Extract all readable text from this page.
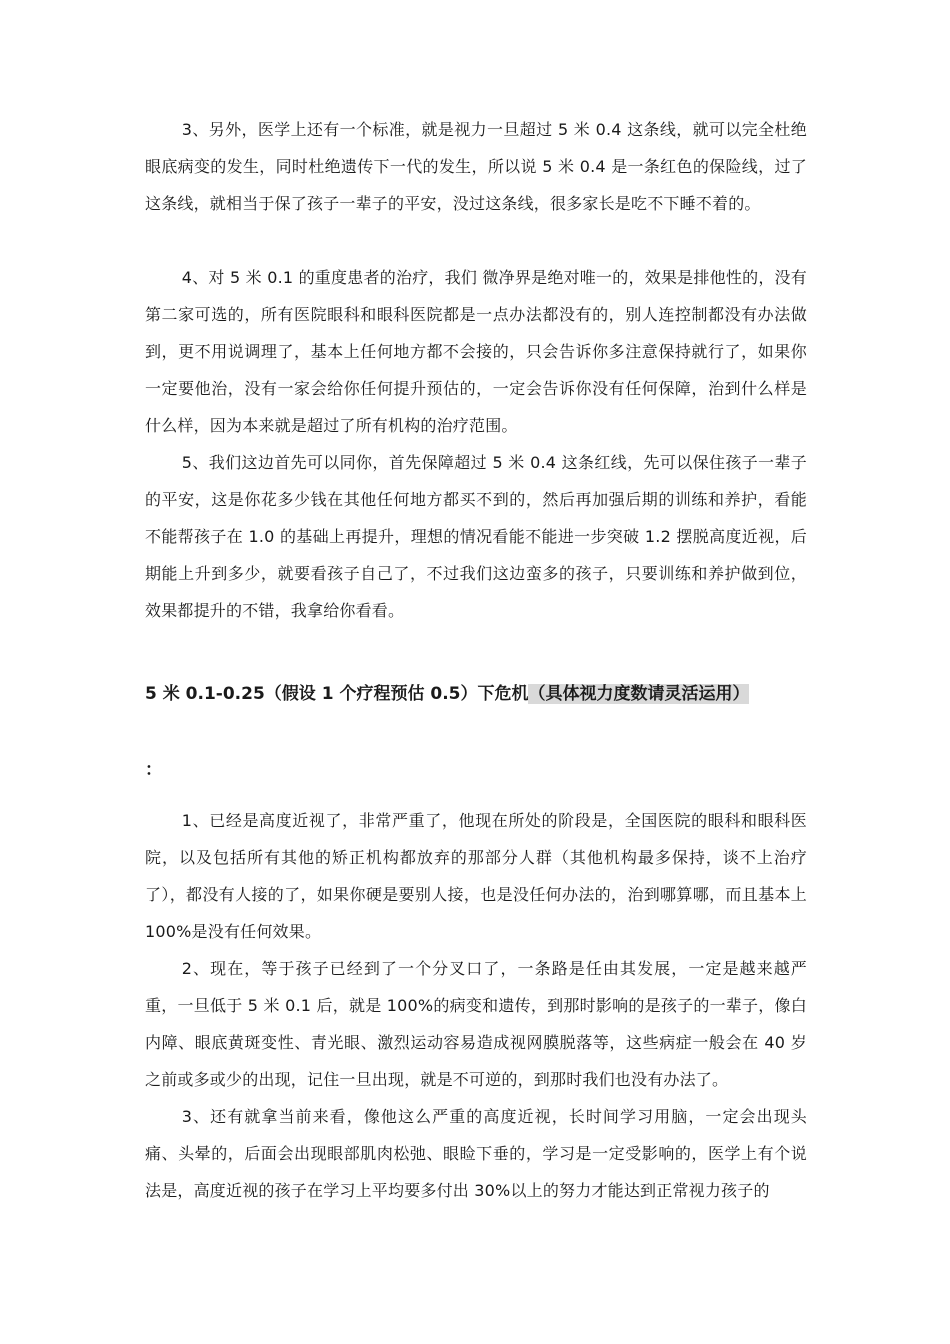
3、另外，医学上还有一个标准，就是视力一旦超过 5 米 0.4 这条线，就可以完全杜绝眼底病变的发生，同时杜绝遗传下一代的发生，所以说 5 米 0.4 是一条红色的保险线，过了这条线，就相当于保了孩子一辈子的平安，没过这条线，很多家长是吃不下睡不着的。

4、对 5 米 0.1 的重度患者的治疗，我们 微净界是绝对唯一的，效果是排他性的，没有第二家可选的，所有医院眼科和眼科医院都是一点办法都没有的，别人连控制都没有办法做到，更不用说调理了，基本上任何地方都不会接的，只会告诉你多注意保持就行了，如果你一定要他治，没有一家会给你任何提升预估的，一定会告诉你没有任何保障，治到什么样是什么样，因为本来就是超过了所有机构的治疗范围。

5、我们这边首先可以同你，首先保障超过 5 米 0.4 这条红线，先可以保住孩子一辈子的平安，这是你花多少钱在其他任何地方都买不到的，然后再加强后期的训练和养护，看能不能帮孩子在 1.0 的基础上再提升，理想的情况看能不能进一步突破 1.2 摆脱高度近视，后期能上升到多少，就要看孩子自己了，不过我们这边蛮多的孩子，只要训练和养护做到位，效果都提升的不错，我拿给你看看。

5 米 0.1-0.25（假设 1 个疗程预估 0.5）下危机（具体视力度数请灵活运用）
：

1、已经是高度近视了，非常严重了，他现在所处的阶段是，全国医院的眼科和眼科医院，以及包括所有其他的矫正机构都放弃的那部分人群（其他机构最多保持，谈不上治疗了），都没有人接的了，如果你硬是要别人接，也是没任何办法的，治到哪算哪，而且基本上 100%是没有任何效果。

2、现在，等于孩子已经到了一个分叉口了，一条路是任由其发展，一定是越来越严重，一旦低于 5 米 0.1 后，就是 100%的病变和遗传，到那时影响的是孩子的一辈子，像白内障、眼底黄斑变性、青光眼、激烈运动容易造成视网膜脱落等，这些病症一般会在 40 岁之前或多或少的出现，记住一旦出现，就是不可逆的，到那时我们也没有办法了。

3、还有就拿当前来看，像他这么严重的高度近视，长时间学习用脑，一定会出现头痛、头晕的，后面会出现眼部肌肉松弛、眼睑下垂的，学习是一定受影响的，医学上有个说法是，高度近视的孩子在学习上平均要多付出 30%以上的努力才能达到正常视力孩子的
